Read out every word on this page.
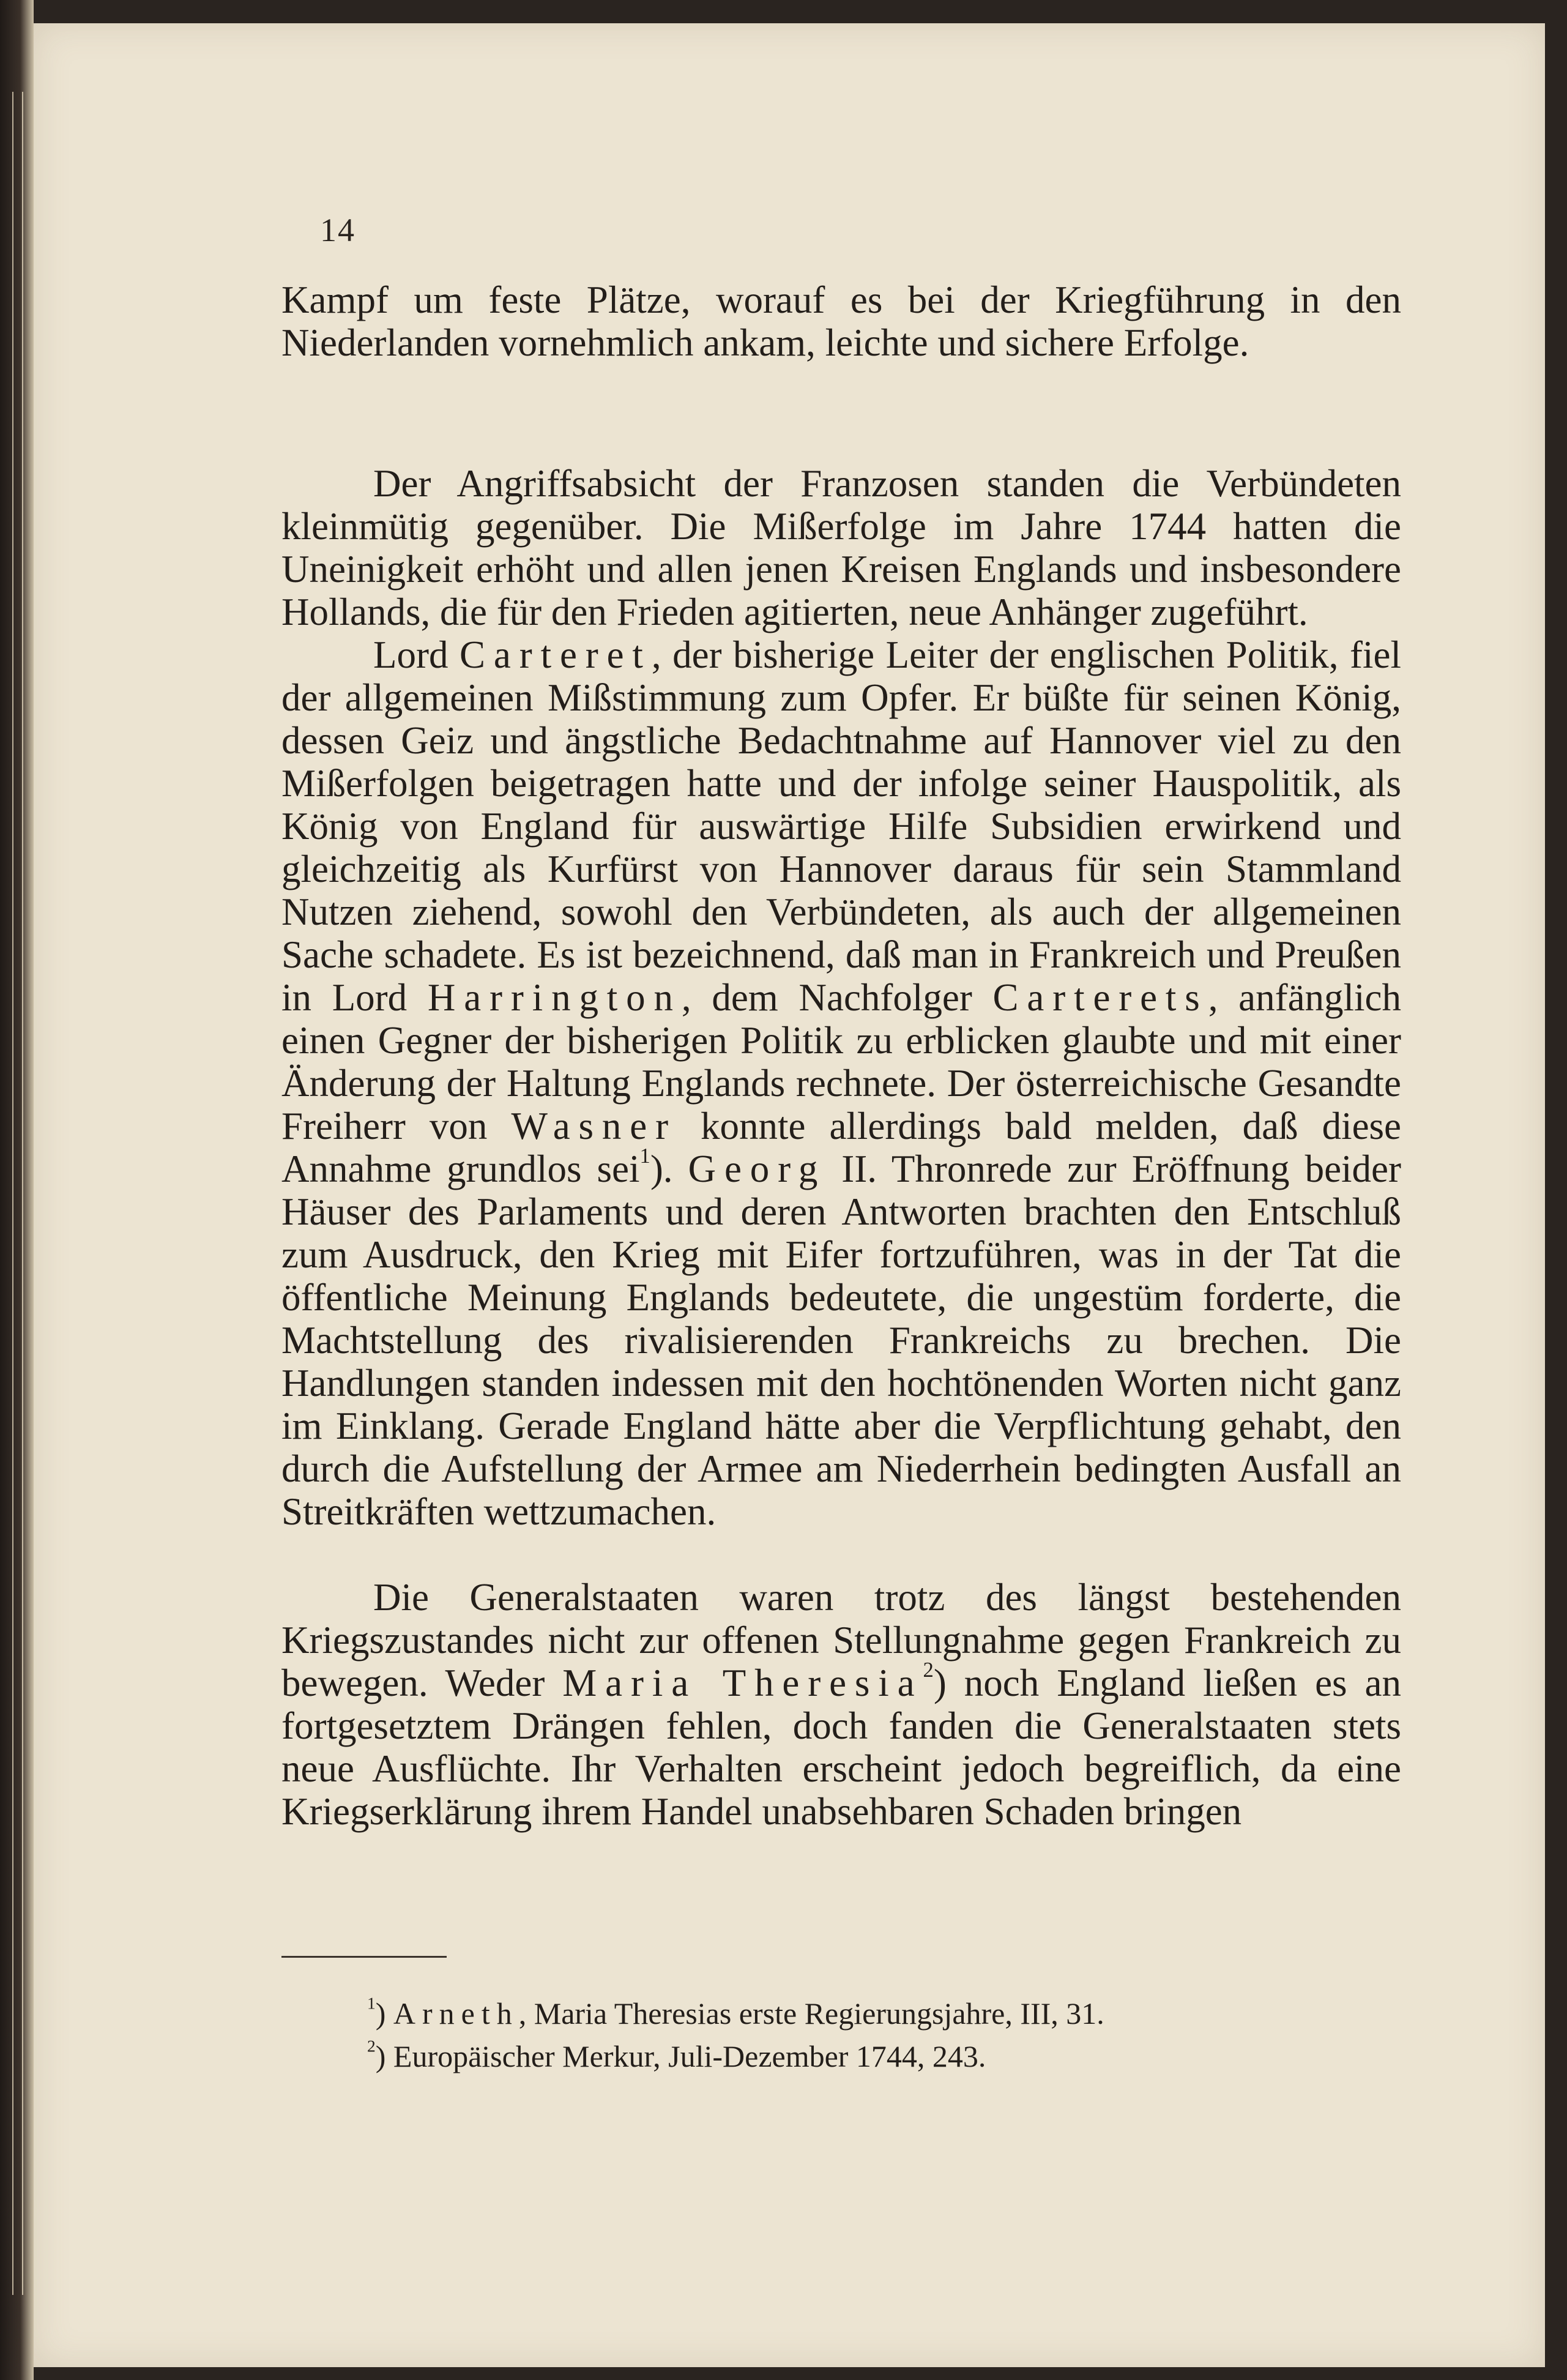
14

Kampf um feste Plätze, worauf es bei der Kriegführung in den Niederlanden vornehmlich ankam, leichte und sichere Erfolge.

Der Angriffsabsicht der Franzosen standen die Verbündeten kleinmütig gegenüber. Die Mißerfolge im Jahre 1744 hatten die Uneinigkeit erhöht und allen jenen Kreisen Englands und insbesondere Hollands, die für den Frieden agitierten, neue Anhänger zugeführt.

Lord Carteret, der bisherige Leiter der englischen Politik, fiel der allgemeinen Mißstimmung zum Opfer. Er büßte für seinen König, dessen Geiz und ängstliche Bedachtnahme auf Hannover viel zu den Mißerfolgen beigetragen hatte und der infolge seiner Hauspolitik, als König von England für auswärtige Hilfe Subsidien erwirkend und gleichzeitig als Kurfürst von Hannover daraus für sein Stammland Nutzen ziehend, sowohl den Verbündeten, als auch der allgemeinen Sache schadete. Es ist bezeichnend, daß man in Frankreich und Preußen in Lord Harrington, dem Nachfolger Carterets, anfänglich einen Gegner der bisherigen Politik zu erblicken glaubte und mit einer Änderung der Haltung Englands rechnete. Der österreichische Gesandte Freiherr von Wasner konnte allerdings bald melden, daß diese Annahme grundlos sei$^1$). Georg II. Thronrede zur Eröffnung beider Häuser des Parlaments und deren Antworten brachten den Entschluß zum Ausdruck, den Krieg mit Eifer fortzuführen, was in der Tat die öffentliche Meinung Englands bedeutete, die ungestüm forderte, die Machtstellung des rivalisierenden Frankreichs zu brechen. Die Handlungen standen indessen mit den hochtönenden Worten nicht ganz im Einklang. Gerade England hätte aber die Verpflichtung gehabt, den durch die Aufstellung der Armee am Niederrhein bedingten Ausfall an Streitkräften wettzumachen.

Die Generalstaaten waren trotz des längst bestehenden Kriegszustandes nicht zur offenen Stellungnahme gegen Frankreich zu bewegen. Weder Maria Theresia$^2$) noch England ließen es an fortgesetztem Drängen fehlen, doch fanden die Generalstaaten stets neue Ausflüchte. Ihr Verhalten erscheint jedoch begreiflich, da eine Kriegserklärung ihrem Handel unabsehbaren Schaden bringen

$^1$) Arneth, Maria Theresias erste Regierungsjahre, III, 31.

$^2$) Europäischer Merkur, Juli-Dezember 1744, 243.
